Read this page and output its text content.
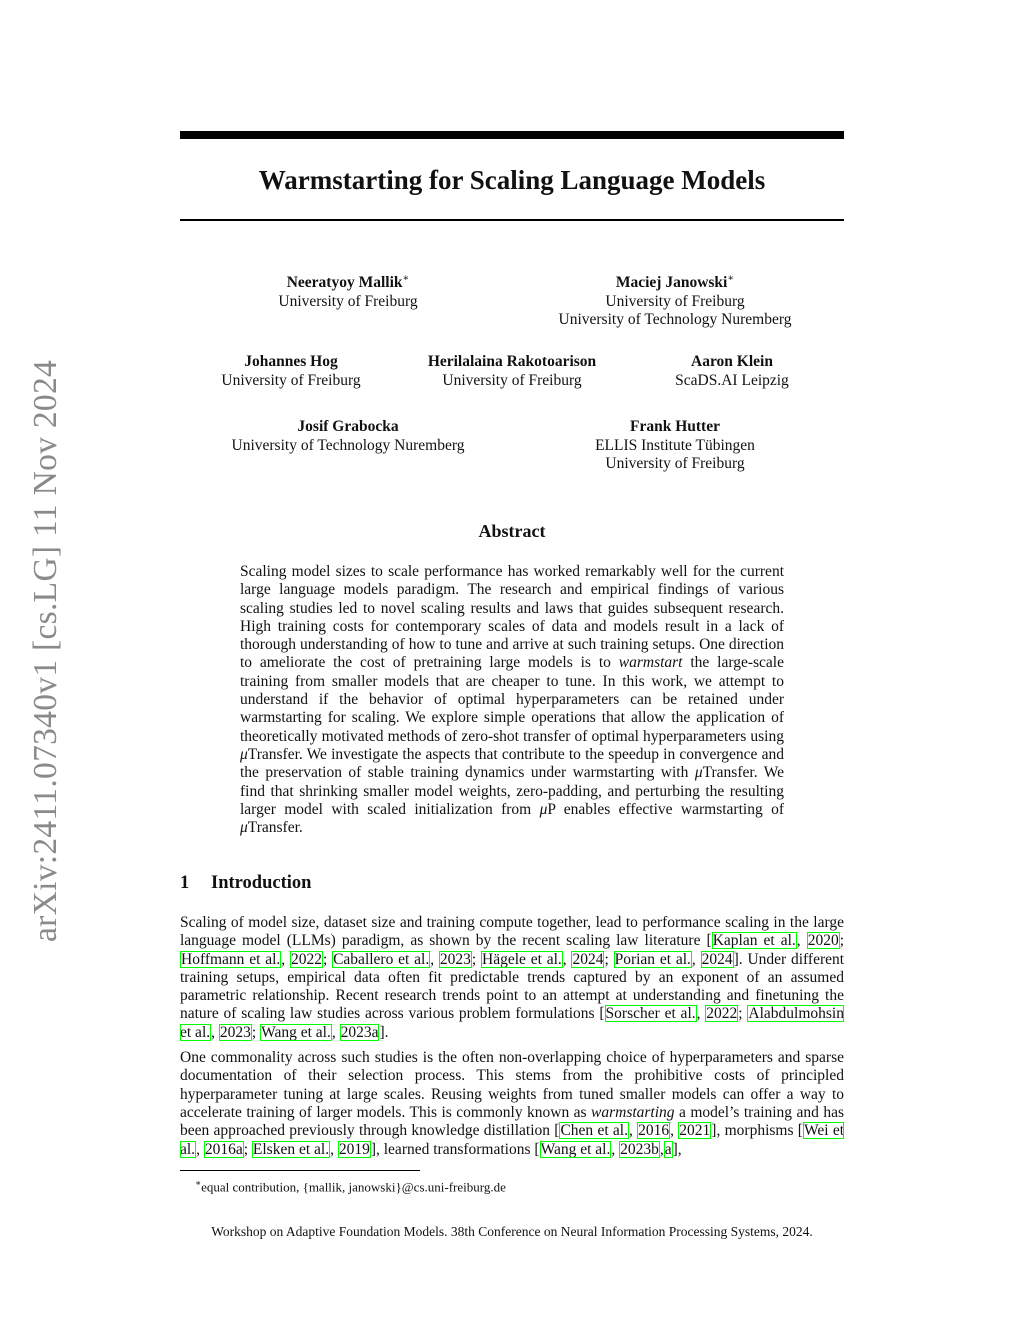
arXiv:2411.07340v1 [cs.LG] 11 Nov 2024
Warmstarting for Scaling Language Models
Neeratyoy Mallik∗
University of Freiburg
Maciej Janowski∗
University of Freiburg
University of Technology Nuremberg
Johannes Hog
University of Freiburg
Herilalaina Rakotoarison
University of Freiburg
Aaron Klein
ScaDS.AI Leipzig
Josif Grabocka
University of Technology Nuremberg
Frank Hutter
ELLIS Institute Tübingen
University of Freiburg
Abstract

Scaling model sizes to scale performance has worked remarkably well for the current large language models paradigm. The research and empirical findings of various scaling studies led to novel scaling results and laws that guides subsequent research. High training costs for contemporary scales of data and models result in a lack of thorough understanding of how to tune and arrive at such training setups. One direction to ameliorate the cost of pretraining large models is to warmstart the large-scale training from smaller models that are cheaper to tune. In this work, we attempt to understand if the behavior of optimal hyperparameters can be retained under warmstarting for scaling. We explore simple operations that allow the application of theoretically motivated methods of zero-shot transfer of optimal hyperparameters using μTransfer. We investigate the aspects that contribute to the speedup in convergence and the preservation of stable training dynamics under warmstarting with μTransfer. We find that shrinking smaller model weights, zero-padding, and perturbing the resulting larger model with scaled initialization from μP enables effective warmstarting of μTransfer.

1 Introduction

Scaling of model size, dataset size and training compute together, lead to performance scaling in the large language model (LLMs) paradigm, as shown by the recent scaling law literature [Kaplan et al., 2020; Hoffmann et al., 2022; Caballero et al., 2023; Hägele et al., 2024; Porian et al., 2024]. Under different training setups, empirical data often fit predictable trends captured by an exponent of an assumed parametric relationship. Recent research trends point to an attempt at understanding and finetuning the nature of scaling law studies across various problem formulations [Sorscher et al., 2022; Alabdulmohsin et al., 2023; Wang et al., 2023a].

One commonality across such studies is the often non-overlapping choice of hyperparameters and sparse documentation of their selection process. This stems from the prohibitive costs of principled hyperparameter tuning at large scales. Reusing weights from tuned smaller models can offer a way to accelerate training of larger models. This is commonly known as warmstarting a model’s training and has been approached previously through knowledge distillation [Chen et al., 2016, 2021], morphisms [Wei et al., 2016a; Elsken et al., 2019], learned transformations [Wang et al., 2023b,a],

∗equal contribution, {mallik, janowski}@cs.uni-freiburg.de

Workshop on Adaptive Foundation Models. 38th Conference on Neural Information Processing Systems, 2024.
